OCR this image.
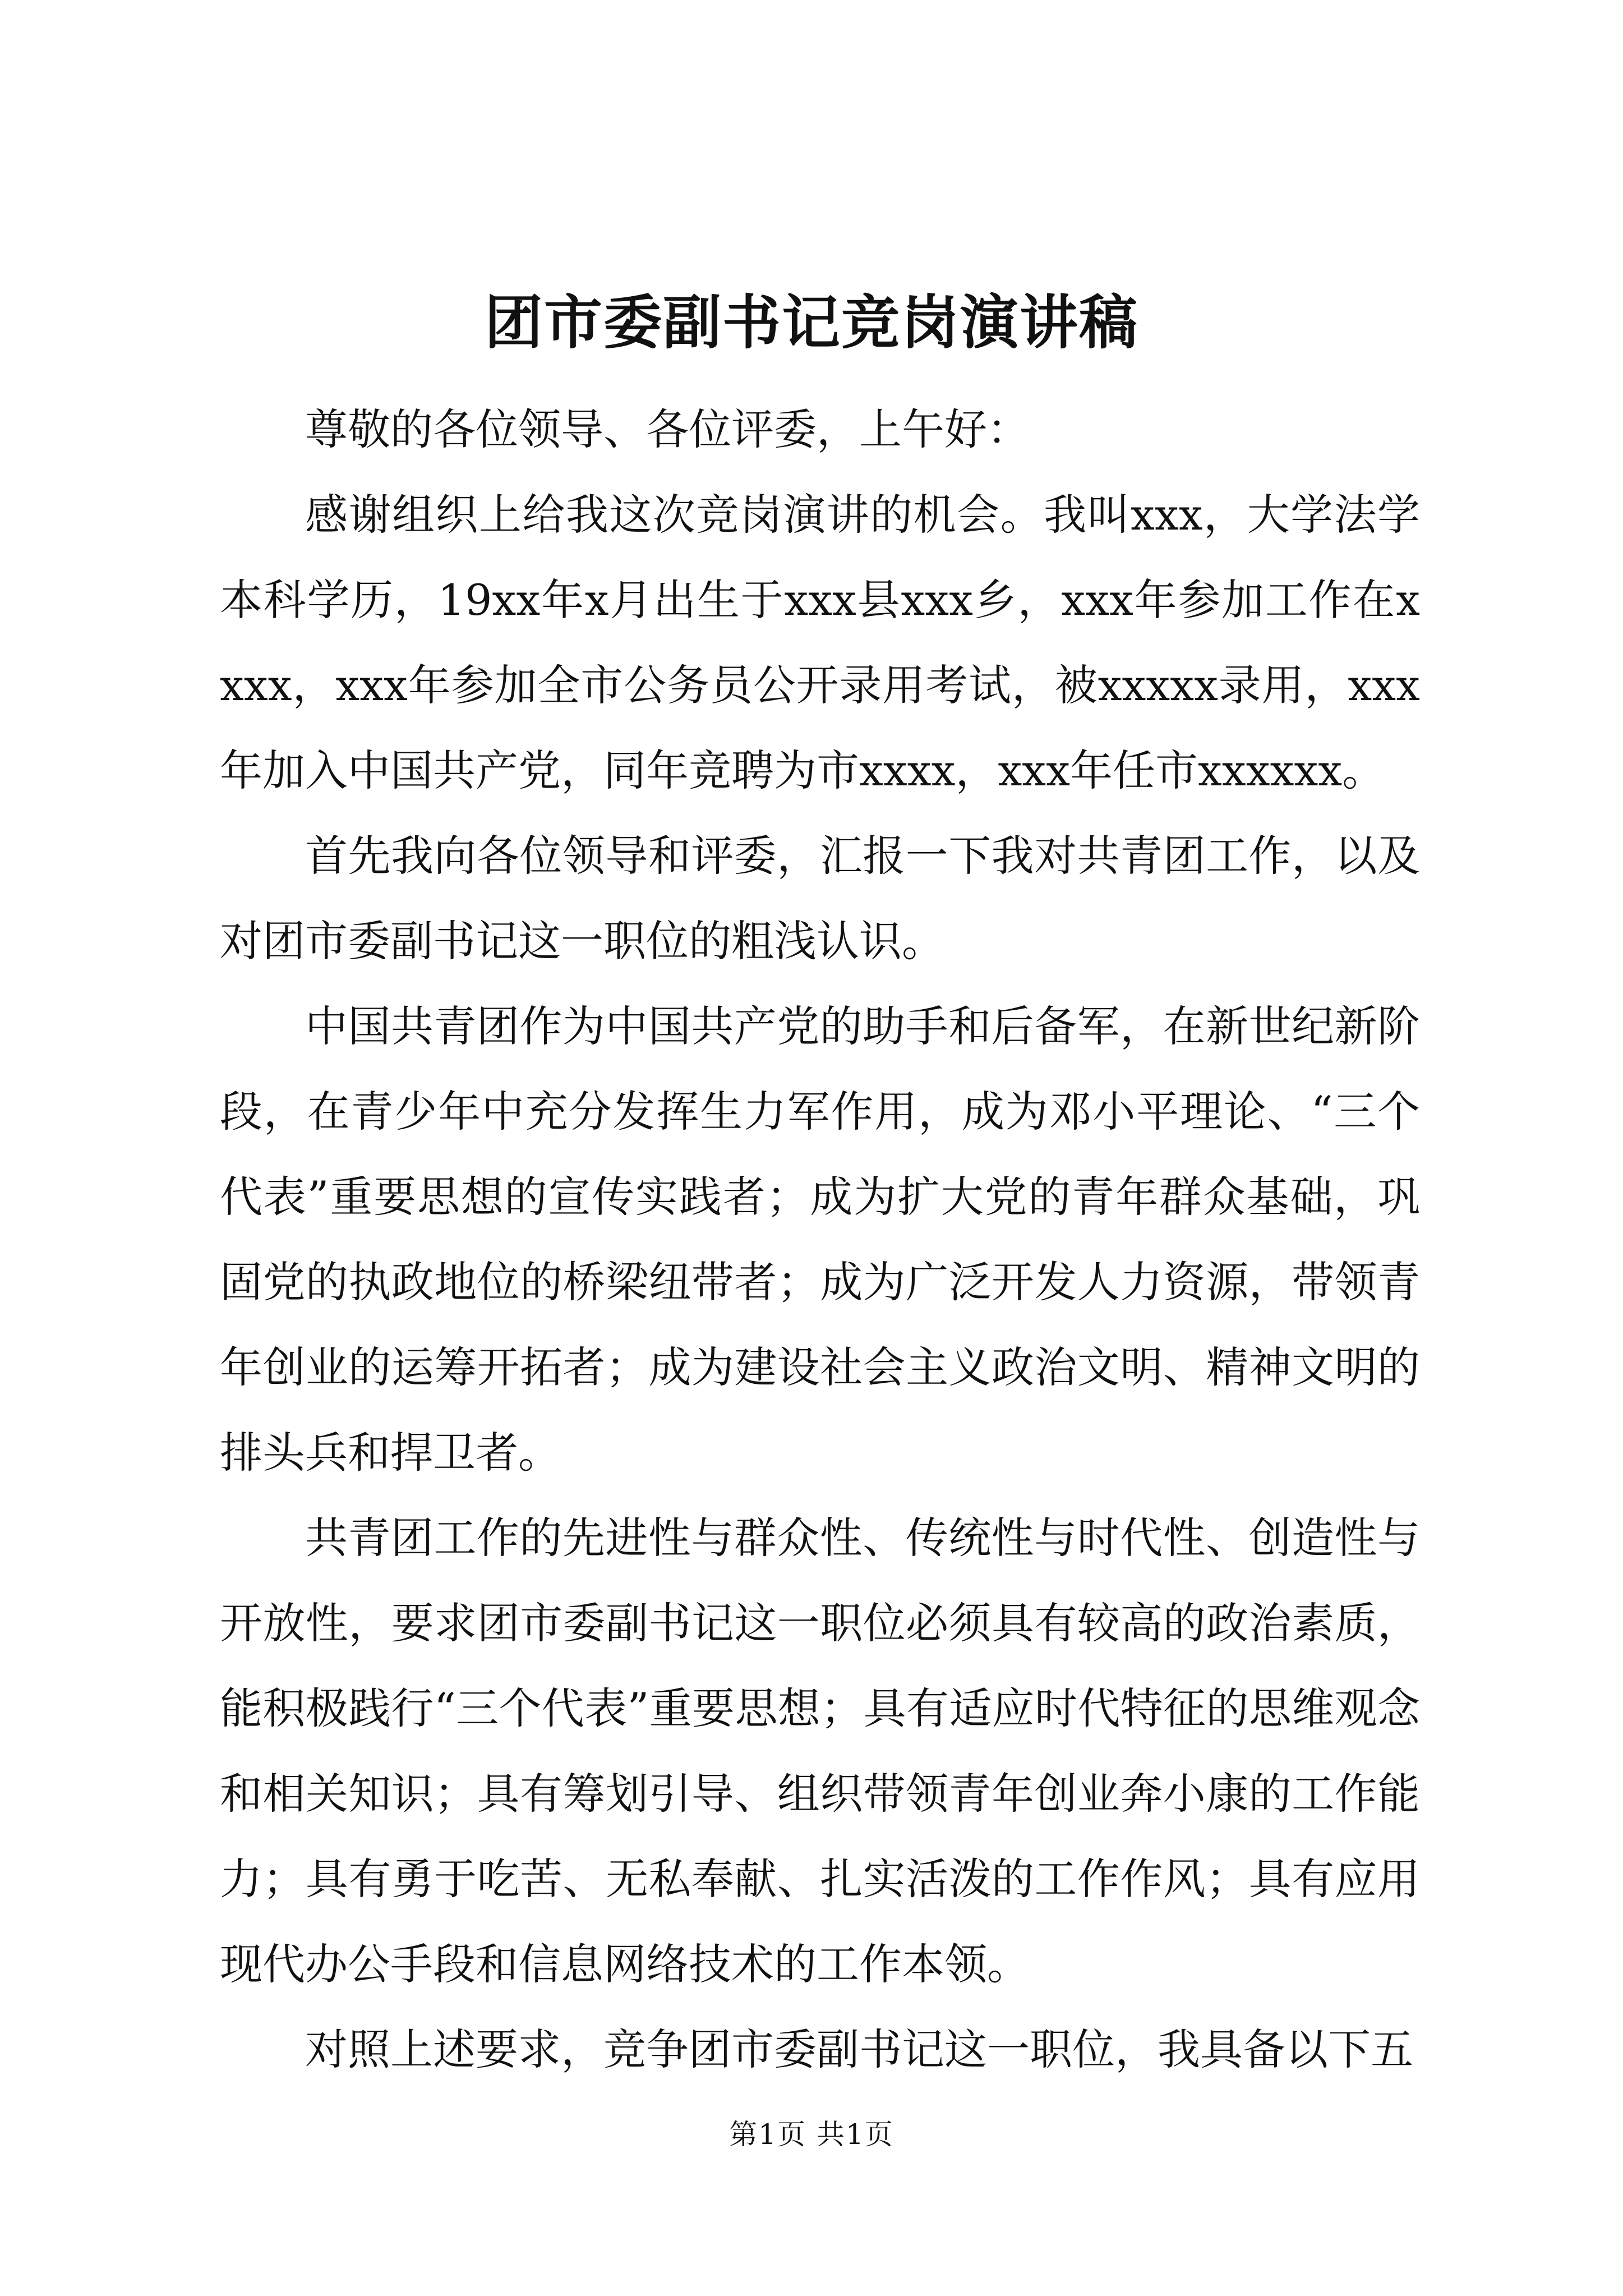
团市委副书记竞岗演讲稿

尊敬的各位领导、各位评委，上午好：

感谢组织上给我这次竞岗演讲的机会。我叫xxx，大学法学本科学历，19xx年x月出生于xxx县xxx乡，xxx年参加工作在xxxx，xxx年参加全市公务员公开录用考试，被xxxxx录用，xxx年加入中国共产党，同年竞聘为市xxxx，xxx年任市xxxxxx。

首先我向各位领导和评委，汇报一下我对共青团工作，以及对团市委副书记这一职位的粗浅认识。

中国共青团作为中国共产党的助手和后备军，在新世纪新阶段，在青少年中充分发挥生力军作用，成为邓小平理论、“三个代表”重要思想的宣传实践者；成为扩大党的青年群众基础，巩固党的执政地位的桥梁纽带者；成为广泛开发人力资源，带领青年创业的运筹开拓者；成为建设社会主义政治文明、精神文明的排头兵和捍卫者。

共青团工作的先进性与群众性、传统性与时代性、创造性与开放性，要求团市委副书记这一职位必须具有较高的政治素质，能积极践行“三个代表”重要思想；具有适应时代特征的思维观念和相关知识；具有筹划引导、组织带领青年创业奔小康的工作能力；具有勇于吃苦、无私奉献、扎实活泼的工作作风；具有应用现代办公手段和信息网络技术的工作本领。

对照上述要求，竞争团市委副书记这一职位，我具备以下五

第1页 共1页
